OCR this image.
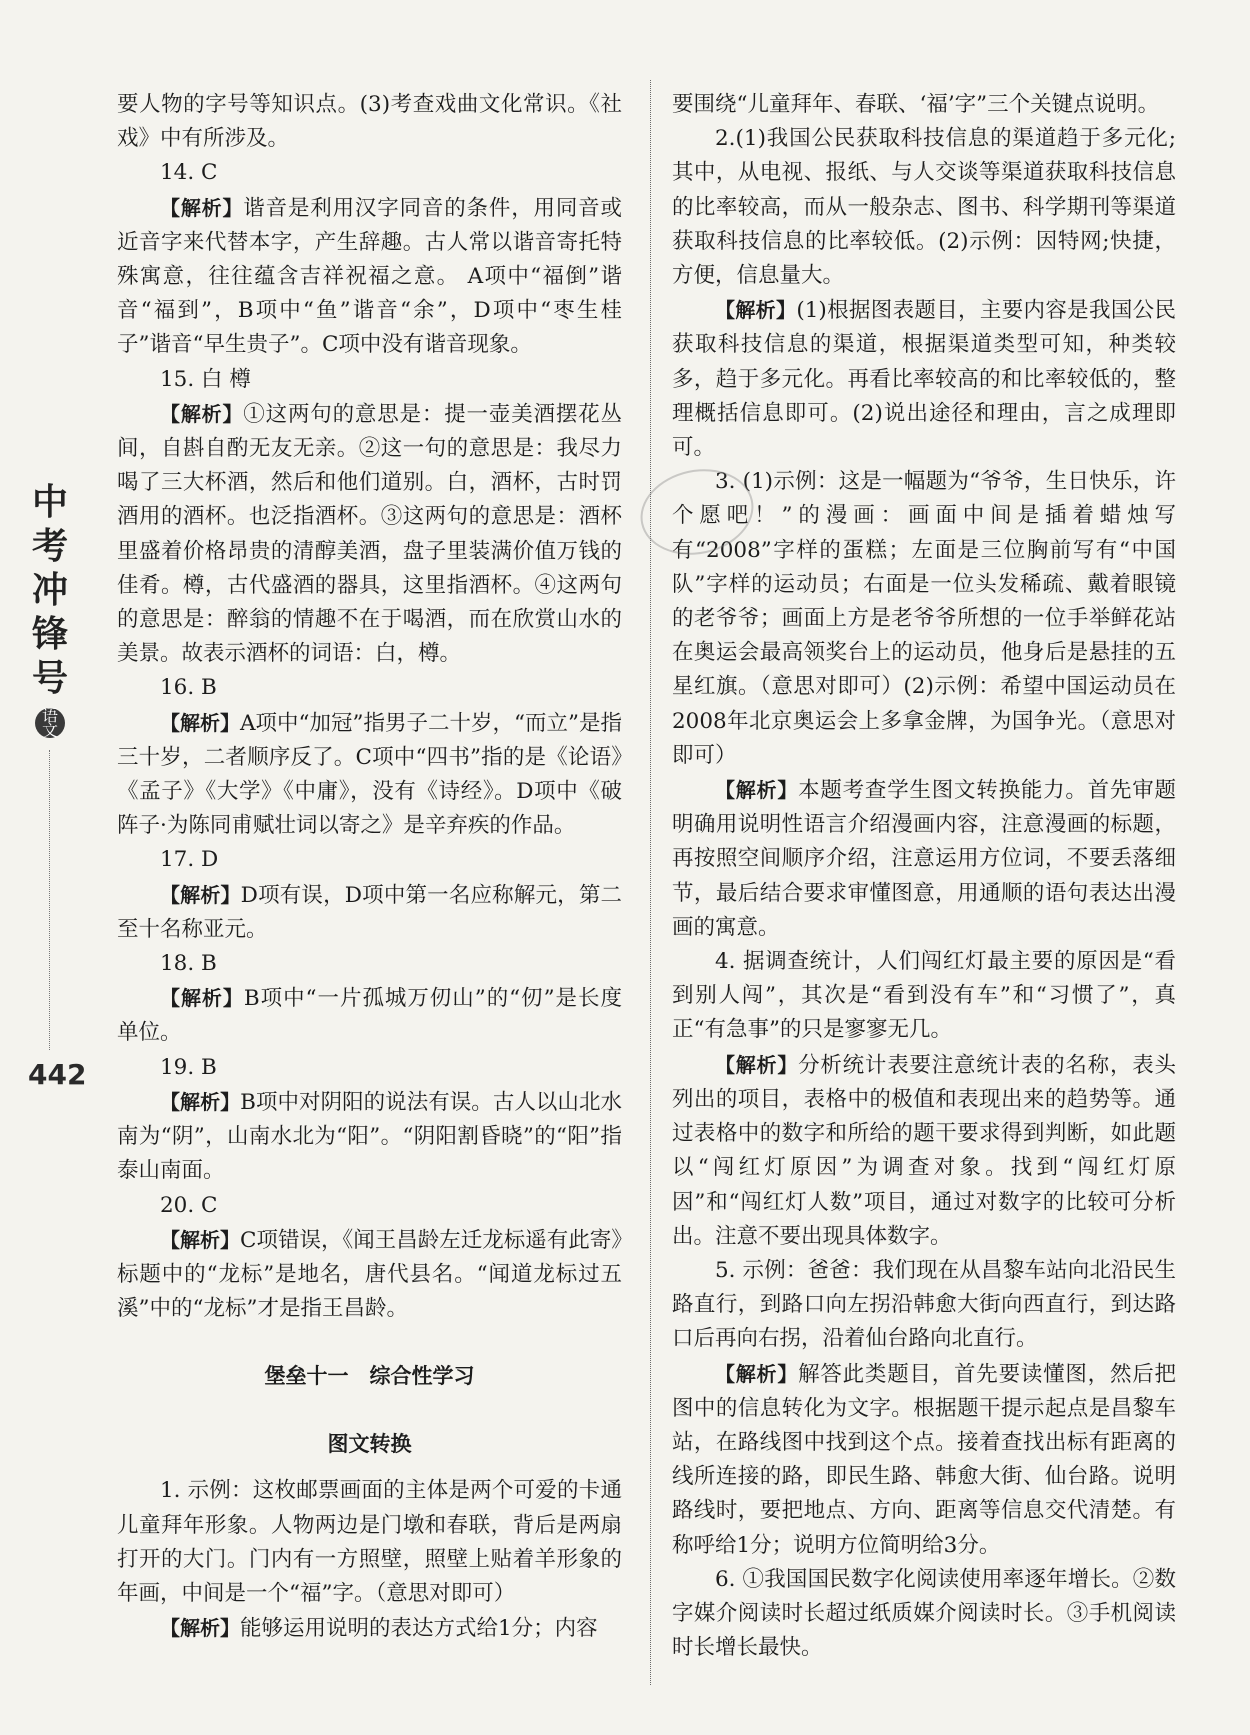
中
考
冲
锋
号
语
文
442

要人物的字号等知识点。(3)考查戏曲文化常识。《社戏》中有所涉及。

14. C

【解析】谐音是利用汉字同音的条件，用同音或近音字来代替本字，产生辞趣。古人常以谐音寄托特殊寓意，往往蕴含吉祥祝福之意。 A项中“福倒”谐音“福到”，B项中“鱼”谐音“余”，D项中“枣生桂子”谐音“早生贵子”。C项中没有谐音现象。

15. 白 樽

【解析】①这两句的意思是：提一壶美酒摆花丛间，自斟自酌无友无亲。②这一句的意思是：我尽力喝了三大杯酒，然后和他们道别。白，酒杯，古时罚酒用的酒杯。也泛指酒杯。③这两句的意思是：酒杯里盛着价格昂贵的清醇美酒，盘子里装满价值万钱的佳肴。樽，古代盛酒的器具，这里指酒杯。④这两句的意思是：醉翁的情趣不在于喝酒，而在欣赏山水的美景。故表示酒杯的词语：白，樽。

16. B

【解析】A项中“加冠”指男子二十岁，“而立”是指三十岁，二者顺序反了。C项中“四书”指的是《论语》《孟子》《大学》《中庸》，没有《诗经》。D项中《破阵子·为陈同甫赋壮词以寄之》是辛弃疾的作品。

17. D

【解析】D项有误，D项中第一名应称解元，第二至十名称亚元。

18. B

【解析】B项中“一片孤城万仞山”的“仞”是长度单位。

19. B

【解析】B项中对阴阳的说法有误。古人以山北水南为“阴”，山南水北为“阳”。“阴阳割昏晓”的“阳”指泰山南面。

20. C

【解析】C项错误，《闻王昌龄左迁龙标遥有此寄》标题中的“龙标”是地名，唐代县名。“闻道龙标过五溪”中的“龙标”才是指王昌龄。

堡垒十一　综合性学习
图文转换

1. 示例：这枚邮票画面的主体是两个可爱的卡通儿童拜年形象。人物两边是门墩和春联，背后是两扇打开的大门。门内有一方照壁，照壁上贴着羊形象的年画，中间是一个“福”字。（意思对即可）

【解析】能够运用说明的表达方式给1分；内容

要围绕“儿童拜年、春联、‘福’字”三个关键点说明。

2.(1)我国公民获取科技信息的渠道趋于多元化;其中，从电视、报纸、与人交谈等渠道获取科技信息的比率较高，而从一般杂志、图书、科学期刊等渠道获取科技信息的比率较低。(2)示例：因特网;快捷，方便，信息量大。

【解析】(1)根据图表题目，主要内容是我国公民获取科技信息的渠道，根据渠道类型可知，种类较多，趋于多元化。再看比率较高的和比率较低的，整理概括信息即可。(2)说出途径和理由，言之成理即可。

3. (1)示例：这是一幅题为“爷爷，生日快乐，许个愿吧！”的漫画：画面中间是插着蜡烛写有“2008”字样的蛋糕；左面是三位胸前写有“中国队”字样的运动员；右面是一位头发稀疏、戴着眼镜的老爷爷；画面上方是老爷爷所想的一位手举鲜花站在奥运会最高领奖台上的运动员，他身后是悬挂的五星红旗。（意思对即可）(2)示例：希望中国运动员在2008年北京奥运会上多拿金牌，为国争光。（意思对即可）

【解析】本题考查学生图文转换能力。首先审题明确用说明性语言介绍漫画内容，注意漫画的标题，再按照空间顺序介绍，注意运用方位词，不要丢落细节，最后结合要求审懂图意，用通顺的语句表达出漫画的寓意。

4. 据调查统计，人们闯红灯最主要的原因是“看到别人闯”，其次是“看到没有车”和“习惯了”，真正“有急事”的只是寥寥无几。

【解析】分析统计表要注意统计表的名称，表头列出的项目，表格中的极值和表现出来的趋势等。通过表格中的数字和所给的题干要求得到判断，如此题以“闯红灯原因”为调查对象。找到“闯红灯原因”和“闯红灯人数”项目，通过对数字的比较可分析出。注意不要出现具体数字。

5. 示例：爸爸：我们现在从昌黎车站向北沿民生路直行，到路口向左拐沿韩愈大街向西直行，到达路口后再向右拐，沿着仙台路向北直行。

【解析】解答此类题目，首先要读懂图，然后把图中的信息转化为文字。根据题干提示起点是昌黎车站，在路线图中找到这个点。接着查找出标有距离的线所连接的路，即民生路、韩愈大街、仙台路。说明路线时，要把地点、方向、距离等信息交代清楚。有称呼给1分；说明方位简明给3分。

6. ①我国国民数字化阅读使用率逐年增长。②数字媒介阅读时长超过纸质媒介阅读时长。③手机阅读时长增长最快。
